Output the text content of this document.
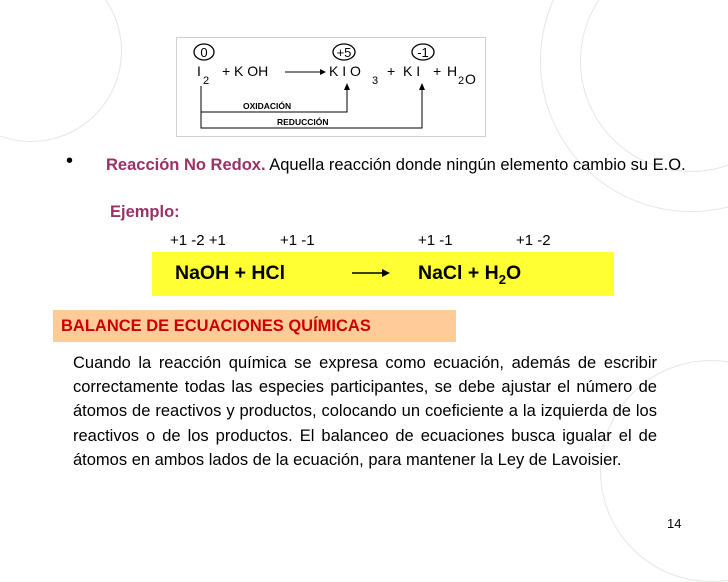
0	+5	-1
I
2
+ K OH	K I O
3
+ K I + H
2 O
OXIDACIÓN
REDUCCIÓN
• Reacción No Redox. Aquella reacción donde ningún elemento cambio su E.O.
Ejemplo:
+1 -2 +1	+1 -1	+1 -1	+1 -2
NaOH + HCl	NaCl + $H_2O$
BALANCE DE ECUACIONES QUÍMICAS
Cuando la reacción química se expresa como ecuación, además de escribir correctamente todas las especies participantes, se debe ajustar el número de átomos de reactivos y productos, colocando un coeficiente a la izquierda de los reactivos o de los productos. El balanceo de ecuaciones busca igualar el de átomos en ambos lados de la ecuación, para mantener la Ley de Lavoisier.
14
